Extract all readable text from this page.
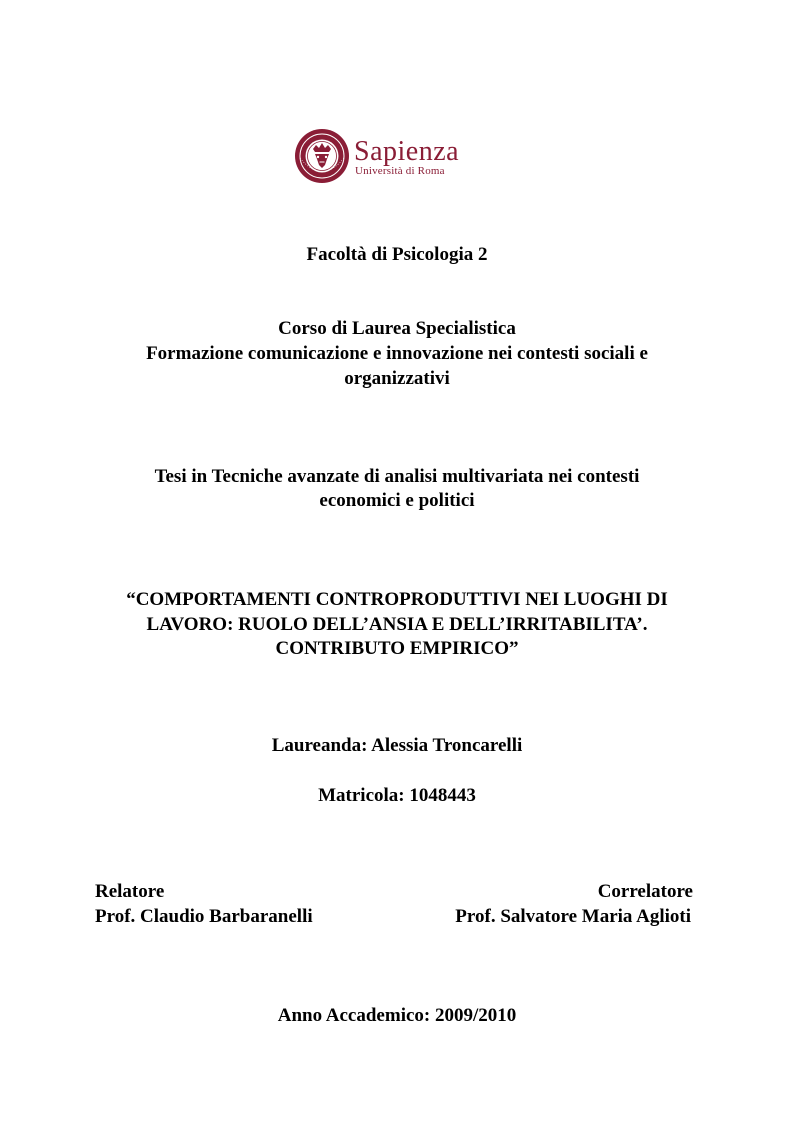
Sapienza
Università di Roma

Facoltà di Psicologia 2

Corso di Laurea Specialistica

Formazione comunicazione e innovazione nei contesti sociali e

organizzativi

Tesi in Tecniche avanzate di analisi multivariata nei contesti

economici e politici

“COMPORTAMENTI CONTROPRODUTTIVI NEI LUOGHI DI

LAVORO: RUOLO DELL’ANSIA E DELL’IRRITABILITA’.

CONTRIBUTO EMPIRICO”

Laureanda: Alessia Troncarelli

Matricola: 1048443

Relatore

Prof. Claudio Barbaranelli

Correlatore

Prof. Salvatore Maria Aglioti

Anno Accademico: 2009/2010
